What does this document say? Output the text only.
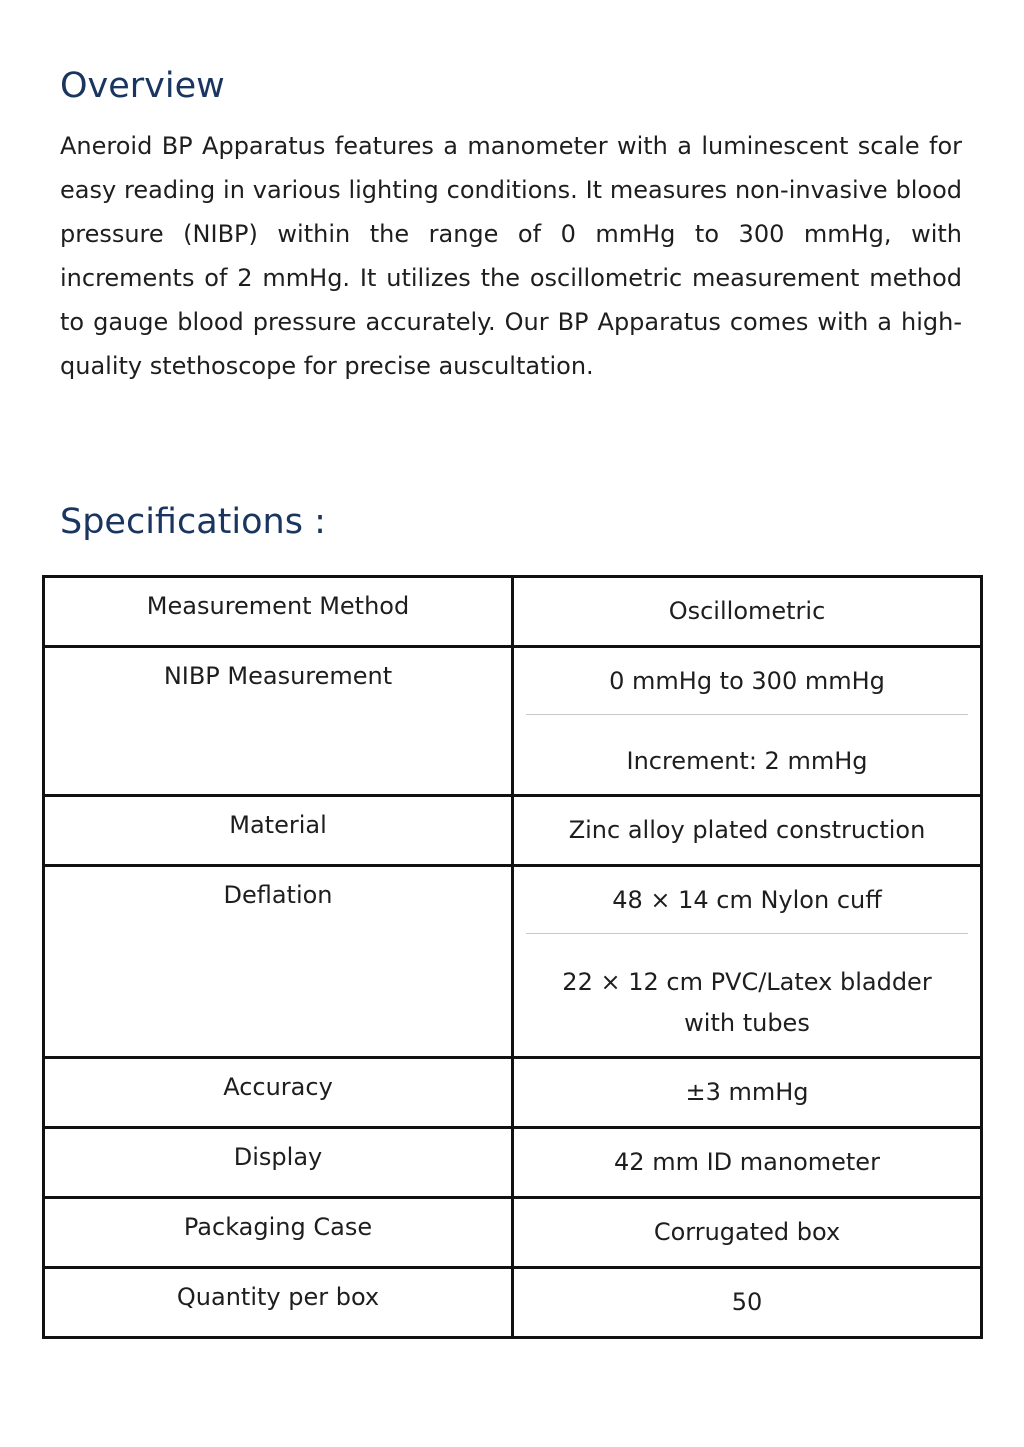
Overview

Aneroid BP Apparatus features a manometer with a luminescent scale for easy reading in various lighting conditions. It measures non-invasive blood pressure (NIBP) within the range of 0 mmHg to 300 mmHg, with increments of 2 mmHg. It utilizes the oscillometric measurement method to gauge blood pressure accurately. Our BP Apparatus comes with a high-quality stethoscope for precise auscultation.

Specifications :
Measurement Method	Oscillometric

NIBP Measurement	0 mmHg to 300 mmHg
Increment: 2 mmHg

Material	Zinc alloy plated construction

Deflation	48 × 14 cm Nylon cuff
22 × 12 cm PVC/Latex bladder with tubes

Accuracy	±3 mmHg

Display	42 mm ID manometer

Packaging Case	Corrugated box

Quantity per box	50
